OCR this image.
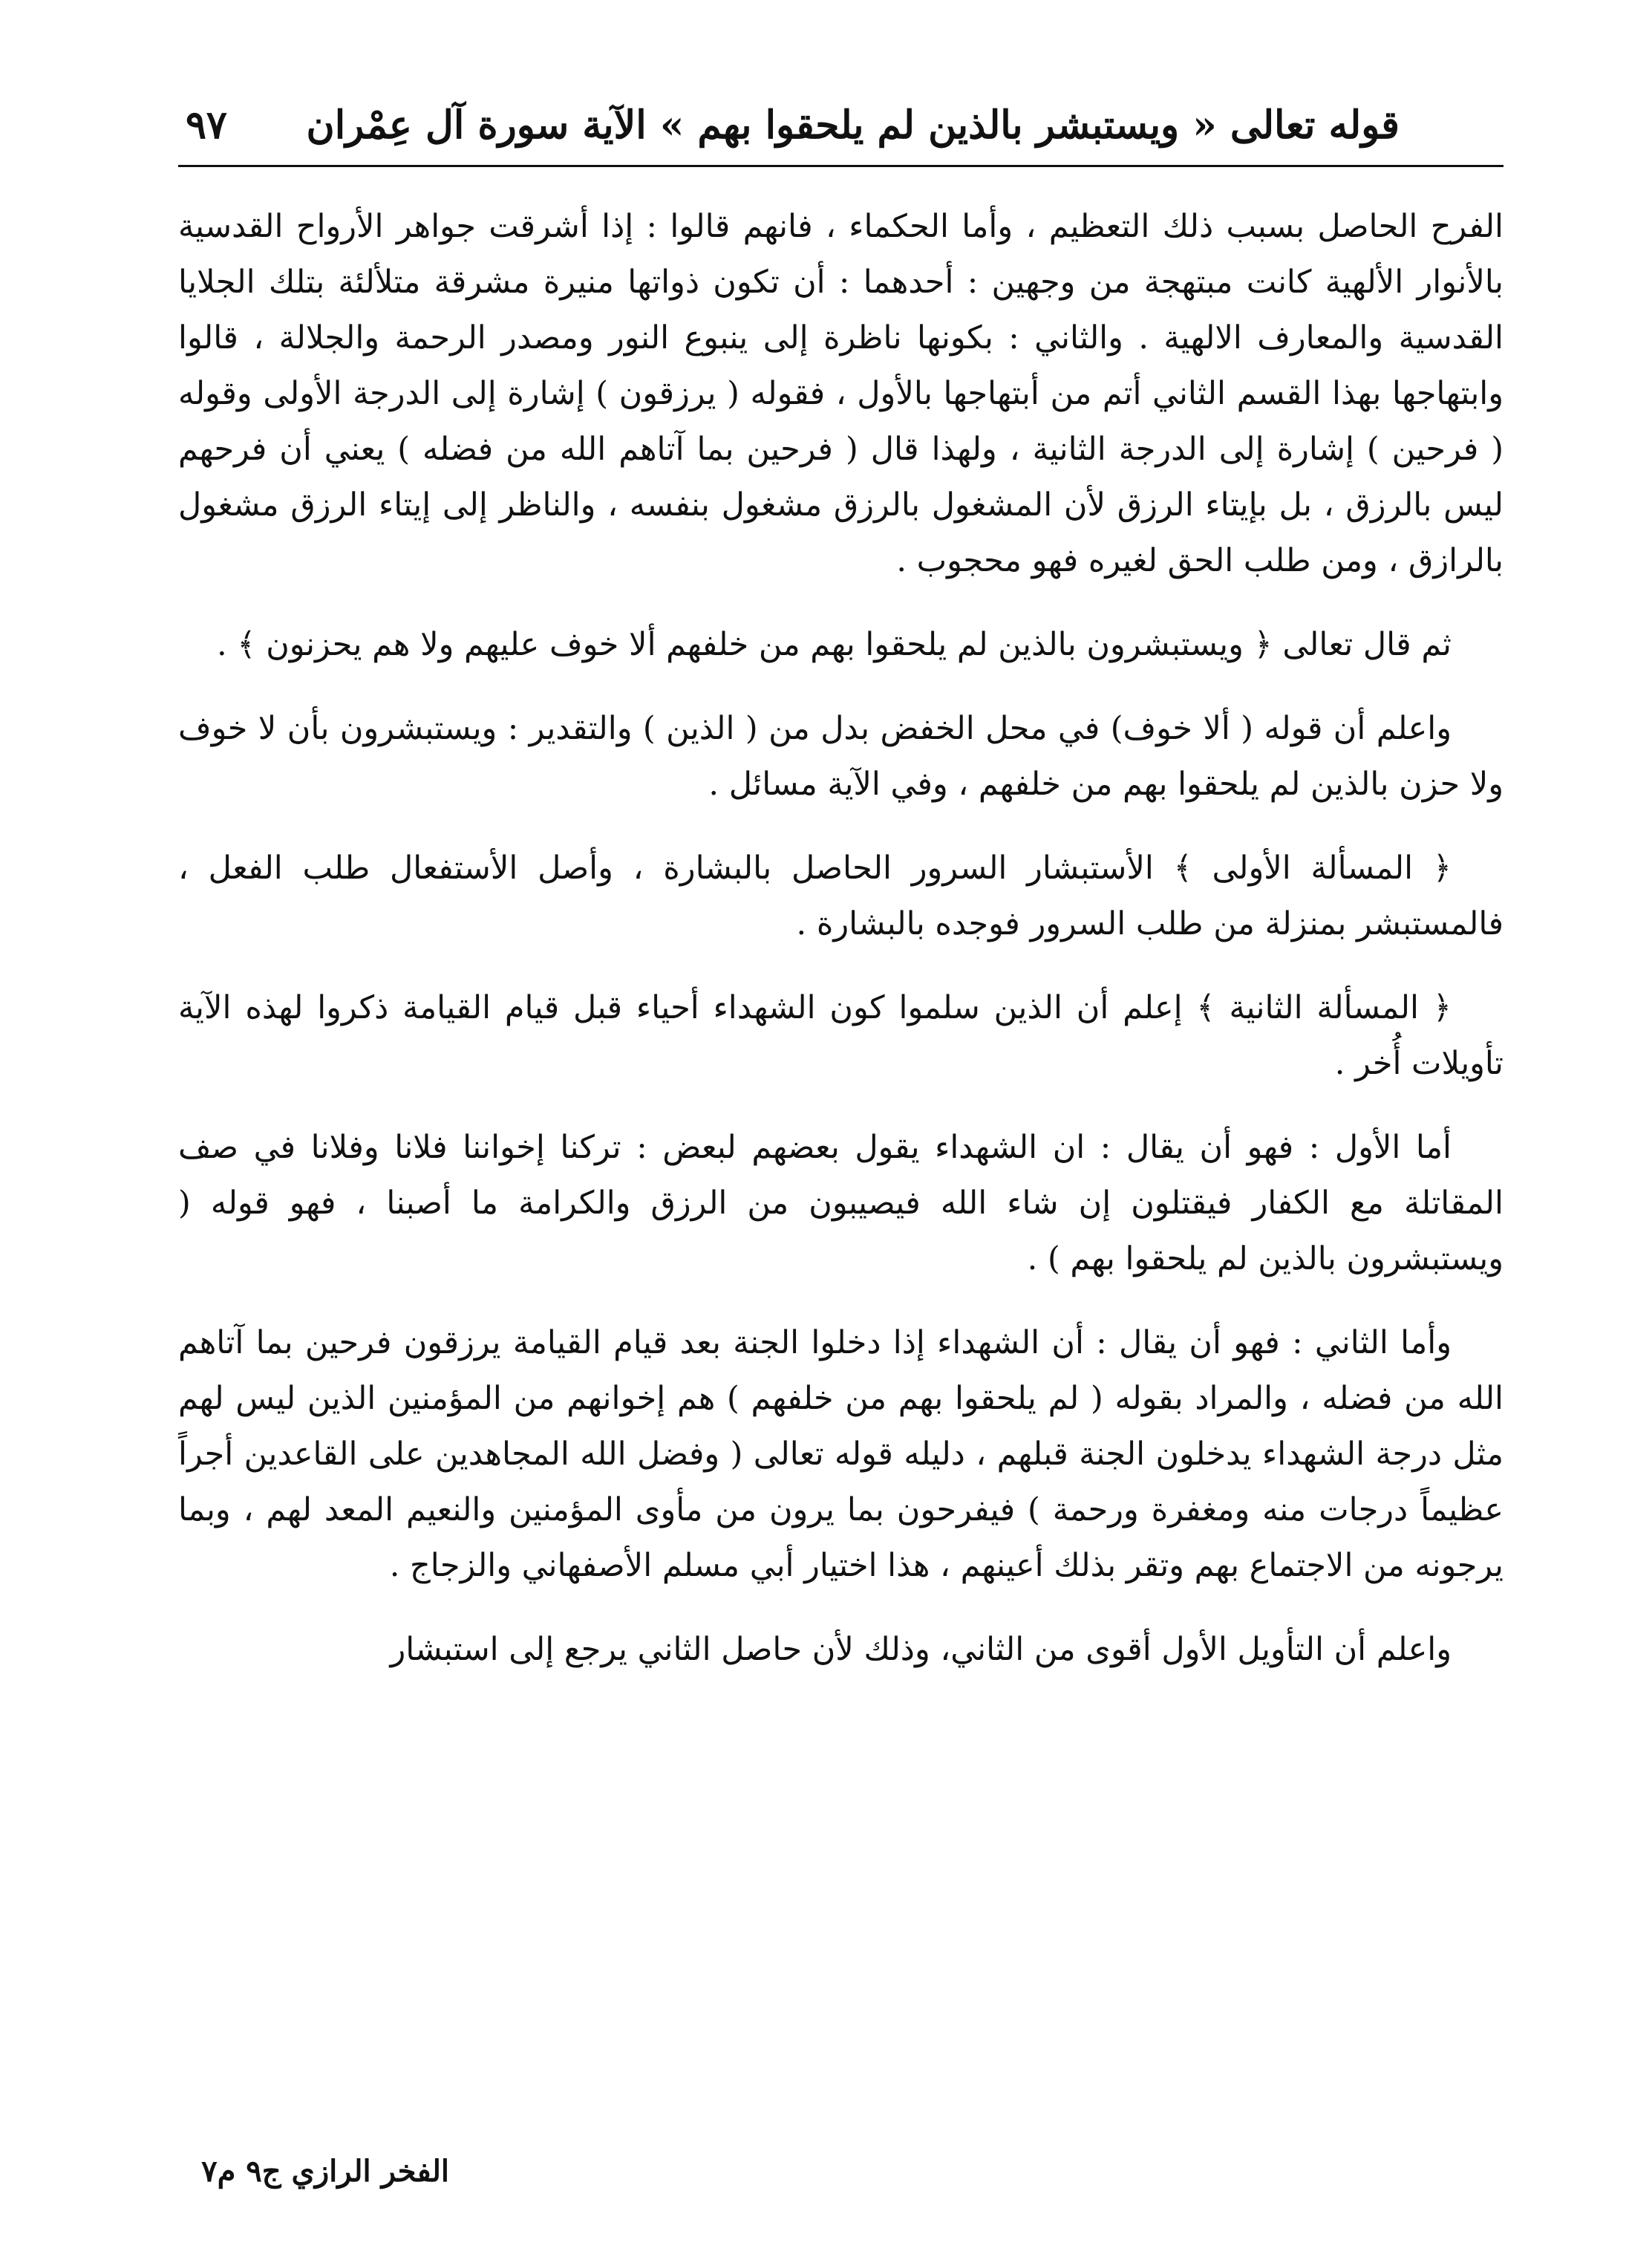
قوله تعالى « ويستبشر بالذين لم يلحقوا بهم » الآية سورة آل عِمْران
٩٧

الفرح الحاصل بسبب ذلك التعظيم ، وأما الحكماء ، فانهم قالوا : إذا أشرقت جواهر الأرواح القدسية بالأنوار الألهية كانت مبتهجة من وجهين : أحدهما : أن تكون ذواتها منيرة مشرقة متلألئة بتلك الجلايا القدسية والمعارف الالهية . والثاني : بكونها ناظرة إلى ينبوع النور ومصدر الرحمة والجلالة ، قالوا وابتهاجها بهذا القسم الثاني أتم من أبتهاجها بالأول ، فقوله ( يرزقون ) إشارة إلى الدرجة الأولى وقوله ( فرحين ) إشارة إلى الدرجة الثانية ، ولهذا قال ( فرحين بما آتاهم الله من فضله ) يعني أن فرحهم ليس بالرزق ، بل بإيتاء الرزق لأن المشغول بالرزق مشغول بنفسه ، والناظر إلى إيتاء الرزق مشغول بالرازق ، ومن طلب الحق لغيره فهو محجوب .

ثم قال تعالى ﴿ ويستبشرون بالذين لم يلحقوا بهم من خلفهم ألا خوف عليهم ولا هم يحزنون ﴾ .

واعلم أن قوله ( ألا خوف) في محل الخفض بدل من ( الذين ) والتقدير : ويستبشرون بأن لا خوف ولا حزن بالذين لم يلحقوا بهم من خلفهم ، وفي الآية مسائل .

﴿ المسألة الأولى ﴾ الأستبشار السرور الحاصل بالبشارة ، وأصل الأستفعال طلب الفعل ، فالمستبشر بمنزلة من طلب السرور فوجده بالبشارة .

﴿ المسألة الثانية ﴾ إعلم أن الذين سلموا كون الشهداء أحياء قبل قيام القيامة ذكروا لهذه الآية تأويلات أُخر .

أما الأول : فهو أن يقال : ان الشهداء يقول بعضهم لبعض : تركنا إخواننا فلانا وفلانا في صف المقاتلة مع الكفار فيقتلون إن شاء الله فيصيبون من الرزق والكرامة ما أصبنا ، فهو قوله ( ويستبشرون بالذين لم يلحقوا بهم ) .

وأما الثاني : فهو أن يقال : أن الشهداء إذا دخلوا الجنة بعد قيام القيامة يرزقون فرحين بما آتاهم الله من فضله ، والمراد بقوله ( لم يلحقوا بهم من خلفهم ) هم إخوانهم من المؤمنين الذين ليس لهم مثل درجة الشهداء يدخلون الجنة قبلهم ، دليله قوله تعالى ( وفضل الله المجاهدين على القاعدين أجراً عظيماً درجات منه ومغفرة ورحمة ) فيفرحون بما يرون من مأوى المؤمنين والنعيم المعد لهم ، وبما يرجونه من الاجتماع بهم وتقر بذلك أعينهم ، هذا اختيار أبي مسلم الأصفهاني والزجاج .

واعلم أن التأويل الأول أقوى من الثاني، وذلك لأن حاصل الثاني يرجع إلى استبشار

الفخر الرازي ج٩ م٧
